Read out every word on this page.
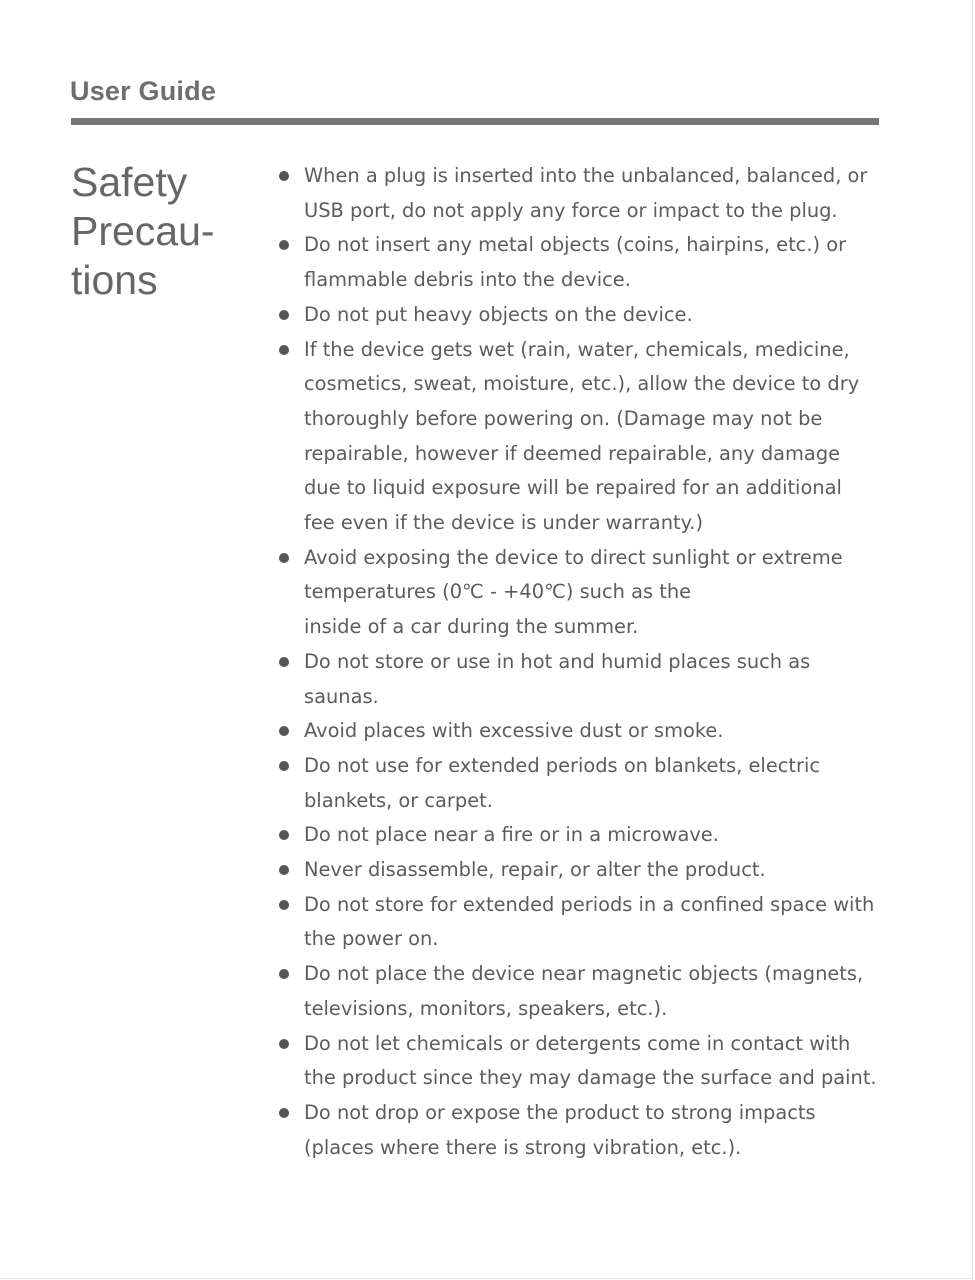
User Guide
Safety
Precau-
tions
When a plug is inserted into the unbalanced, balanced, or
USB port, do not apply any force or impact to the plug.
Do not insert any metal objects (coins, hairpins, etc.) or
flammable debris into the device.
Do not put heavy objects on the device.
If the device gets wet (rain, water, chemicals, medicine,
cosmetics, sweat, moisture, etc.), allow the device to dry
thoroughly before powering on. (Damage may not be
repairable, however if deemed repairable, any damage
due to liquid exposure will be repaired for an additional
fee even if the device is under warranty.)
Avoid exposing the device to direct sunlight or extreme
temperatures (0℃ - +40℃) such as the
inside of a car during the summer.
Do not store or use in hot and humid places such as saunas.
Avoid places with excessive dust or smoke.
Do not use for extended periods on blankets, electric
blankets, or carpet.
Do not place near a fire or in a microwave.
Never disassemble, repair, or alter the product.
Do not store for extended periods in a confined space with
the power on.
Do not place the device near magnetic objects (magnets,
televisions, monitors, speakers, etc.).
Do not let chemicals or detergents come in contact with
the product since they may damage the surface and paint.
Do not drop or expose the product to strong impacts
(places where there is strong vibration, etc.).
